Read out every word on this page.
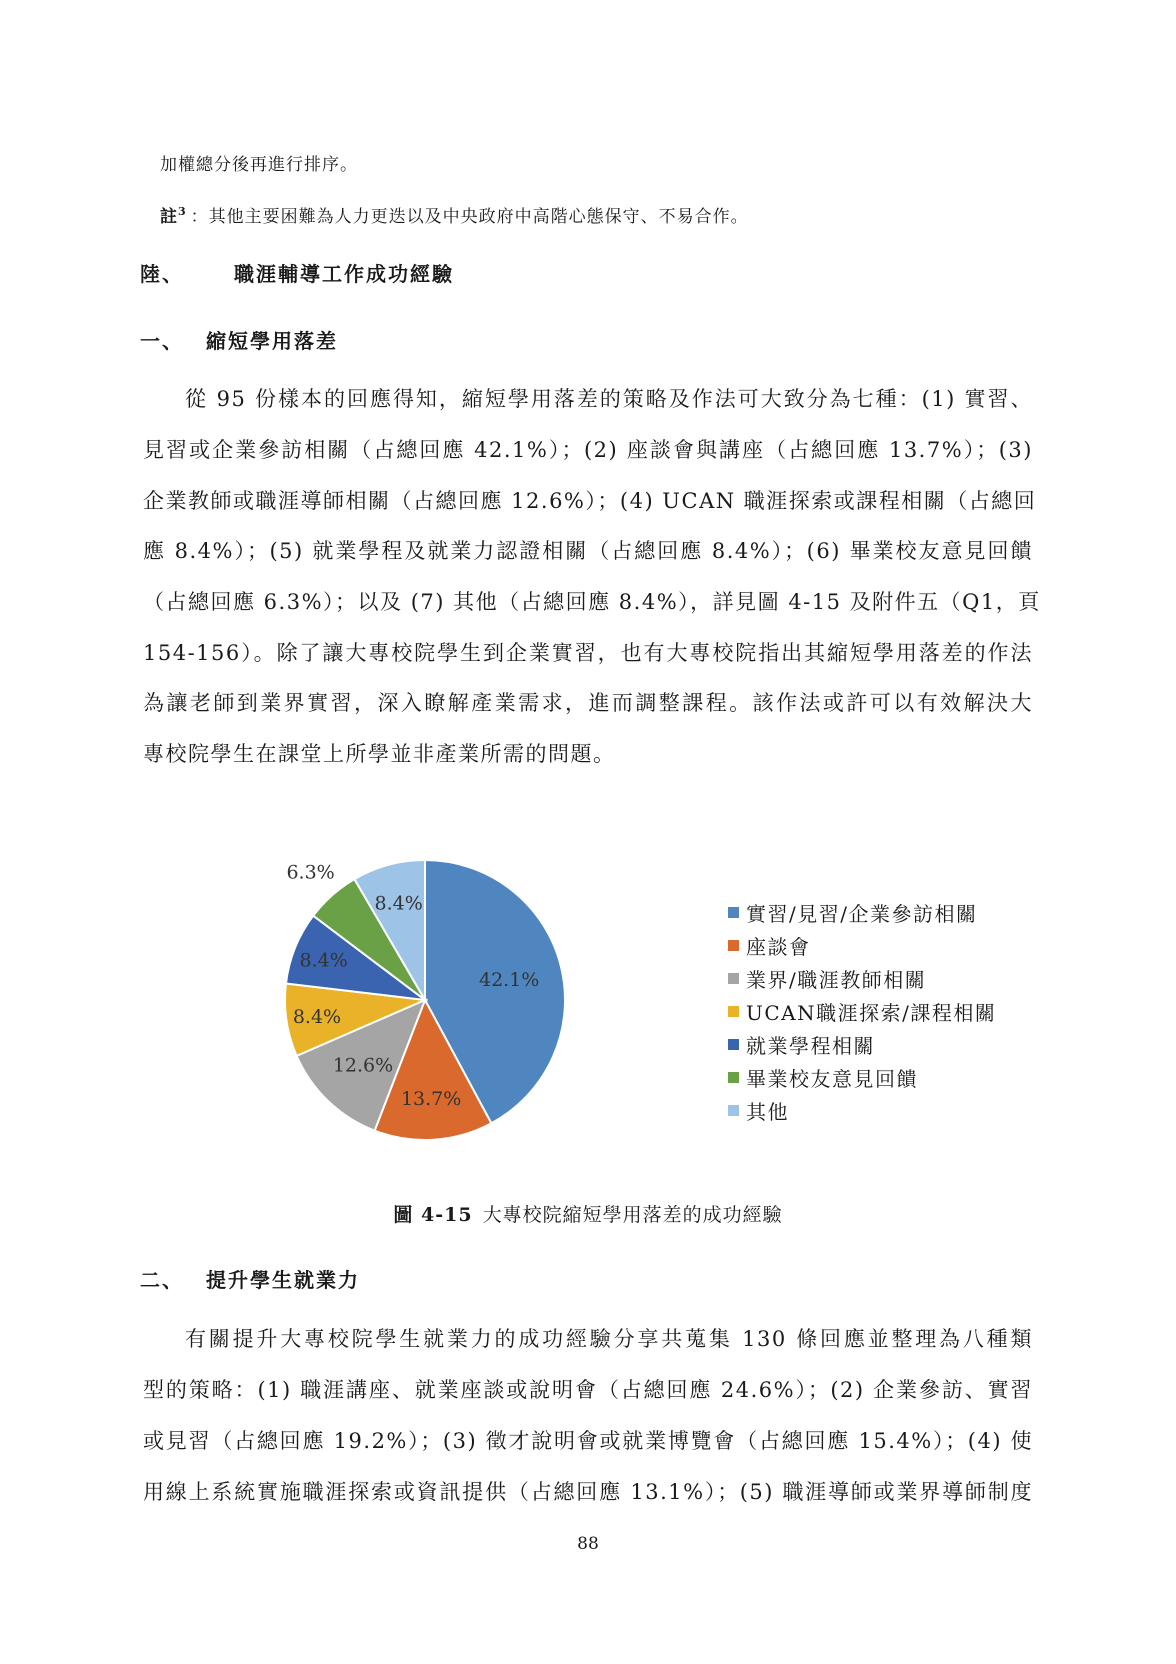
加權總分後再進行排序。
註$^3$ ：其他主要困難為人力更迭以及中央政府中高階心態保守、不易合作。
陸、	職涯輔導工作成功經驗
一、 縮短學用落差
從 95 份樣本的回應得知，縮短學用落差的策略及作法可大致分為七種：(1) 實習、
見習或企業參訪相關（占總回應 42.1%）；(2) 座談會與講座（占總回應 13.7%）；(3)
企業教師或職涯導師相關（占總回應 12.6%）；(4) UCAN 職涯探索或課程相關（占總回
應 8.4%）；(5) 就業學程及就業力認證相關（占總回應 8.4%）；(6) 畢業校友意見回饋
（占總回應 6.3%）；以及 (7) 其他（占總回應 8.4%），詳見圖 4-15 及附件五（Q1，頁
154-156）。除了讓大專校院學生到企業實習，也有大專校院指出其縮短學用落差的作法
為讓老師到業界實習，深入瞭解產業需求，進而調整課程。該作法或許可以有效解決大
專校院學生在課堂上所學並非產業所需的問題。
42.1%
13.7%
12.6%
8.4%
8.4%
6.3%
8.4%	實習/見習/企業參訪相關
座談會
業界/職涯教師相關
UCAN職涯探索/課程相關
就業學程相關
畢業校友意見回饋
其他
圖 4-15 大專校院縮短學用落差的成功經驗
二、 提升學生就業力
有關提升大專校院學生就業力的成功經驗分享共蒐集 130 條回應並整理為八種類
型的策略：(1) 職涯講座、就業座談或說明會（占總回應 24.6%）；(2) 企業參訪、實習
或見習（占總回應 19.2%）；(3) 徵才說明會或就業博覽會（占總回應 15.4%）；(4) 使
用線上系統實施職涯探索或資訊提供（占總回應 13.1%）；(5) 職涯導師或業界導師制度
88
